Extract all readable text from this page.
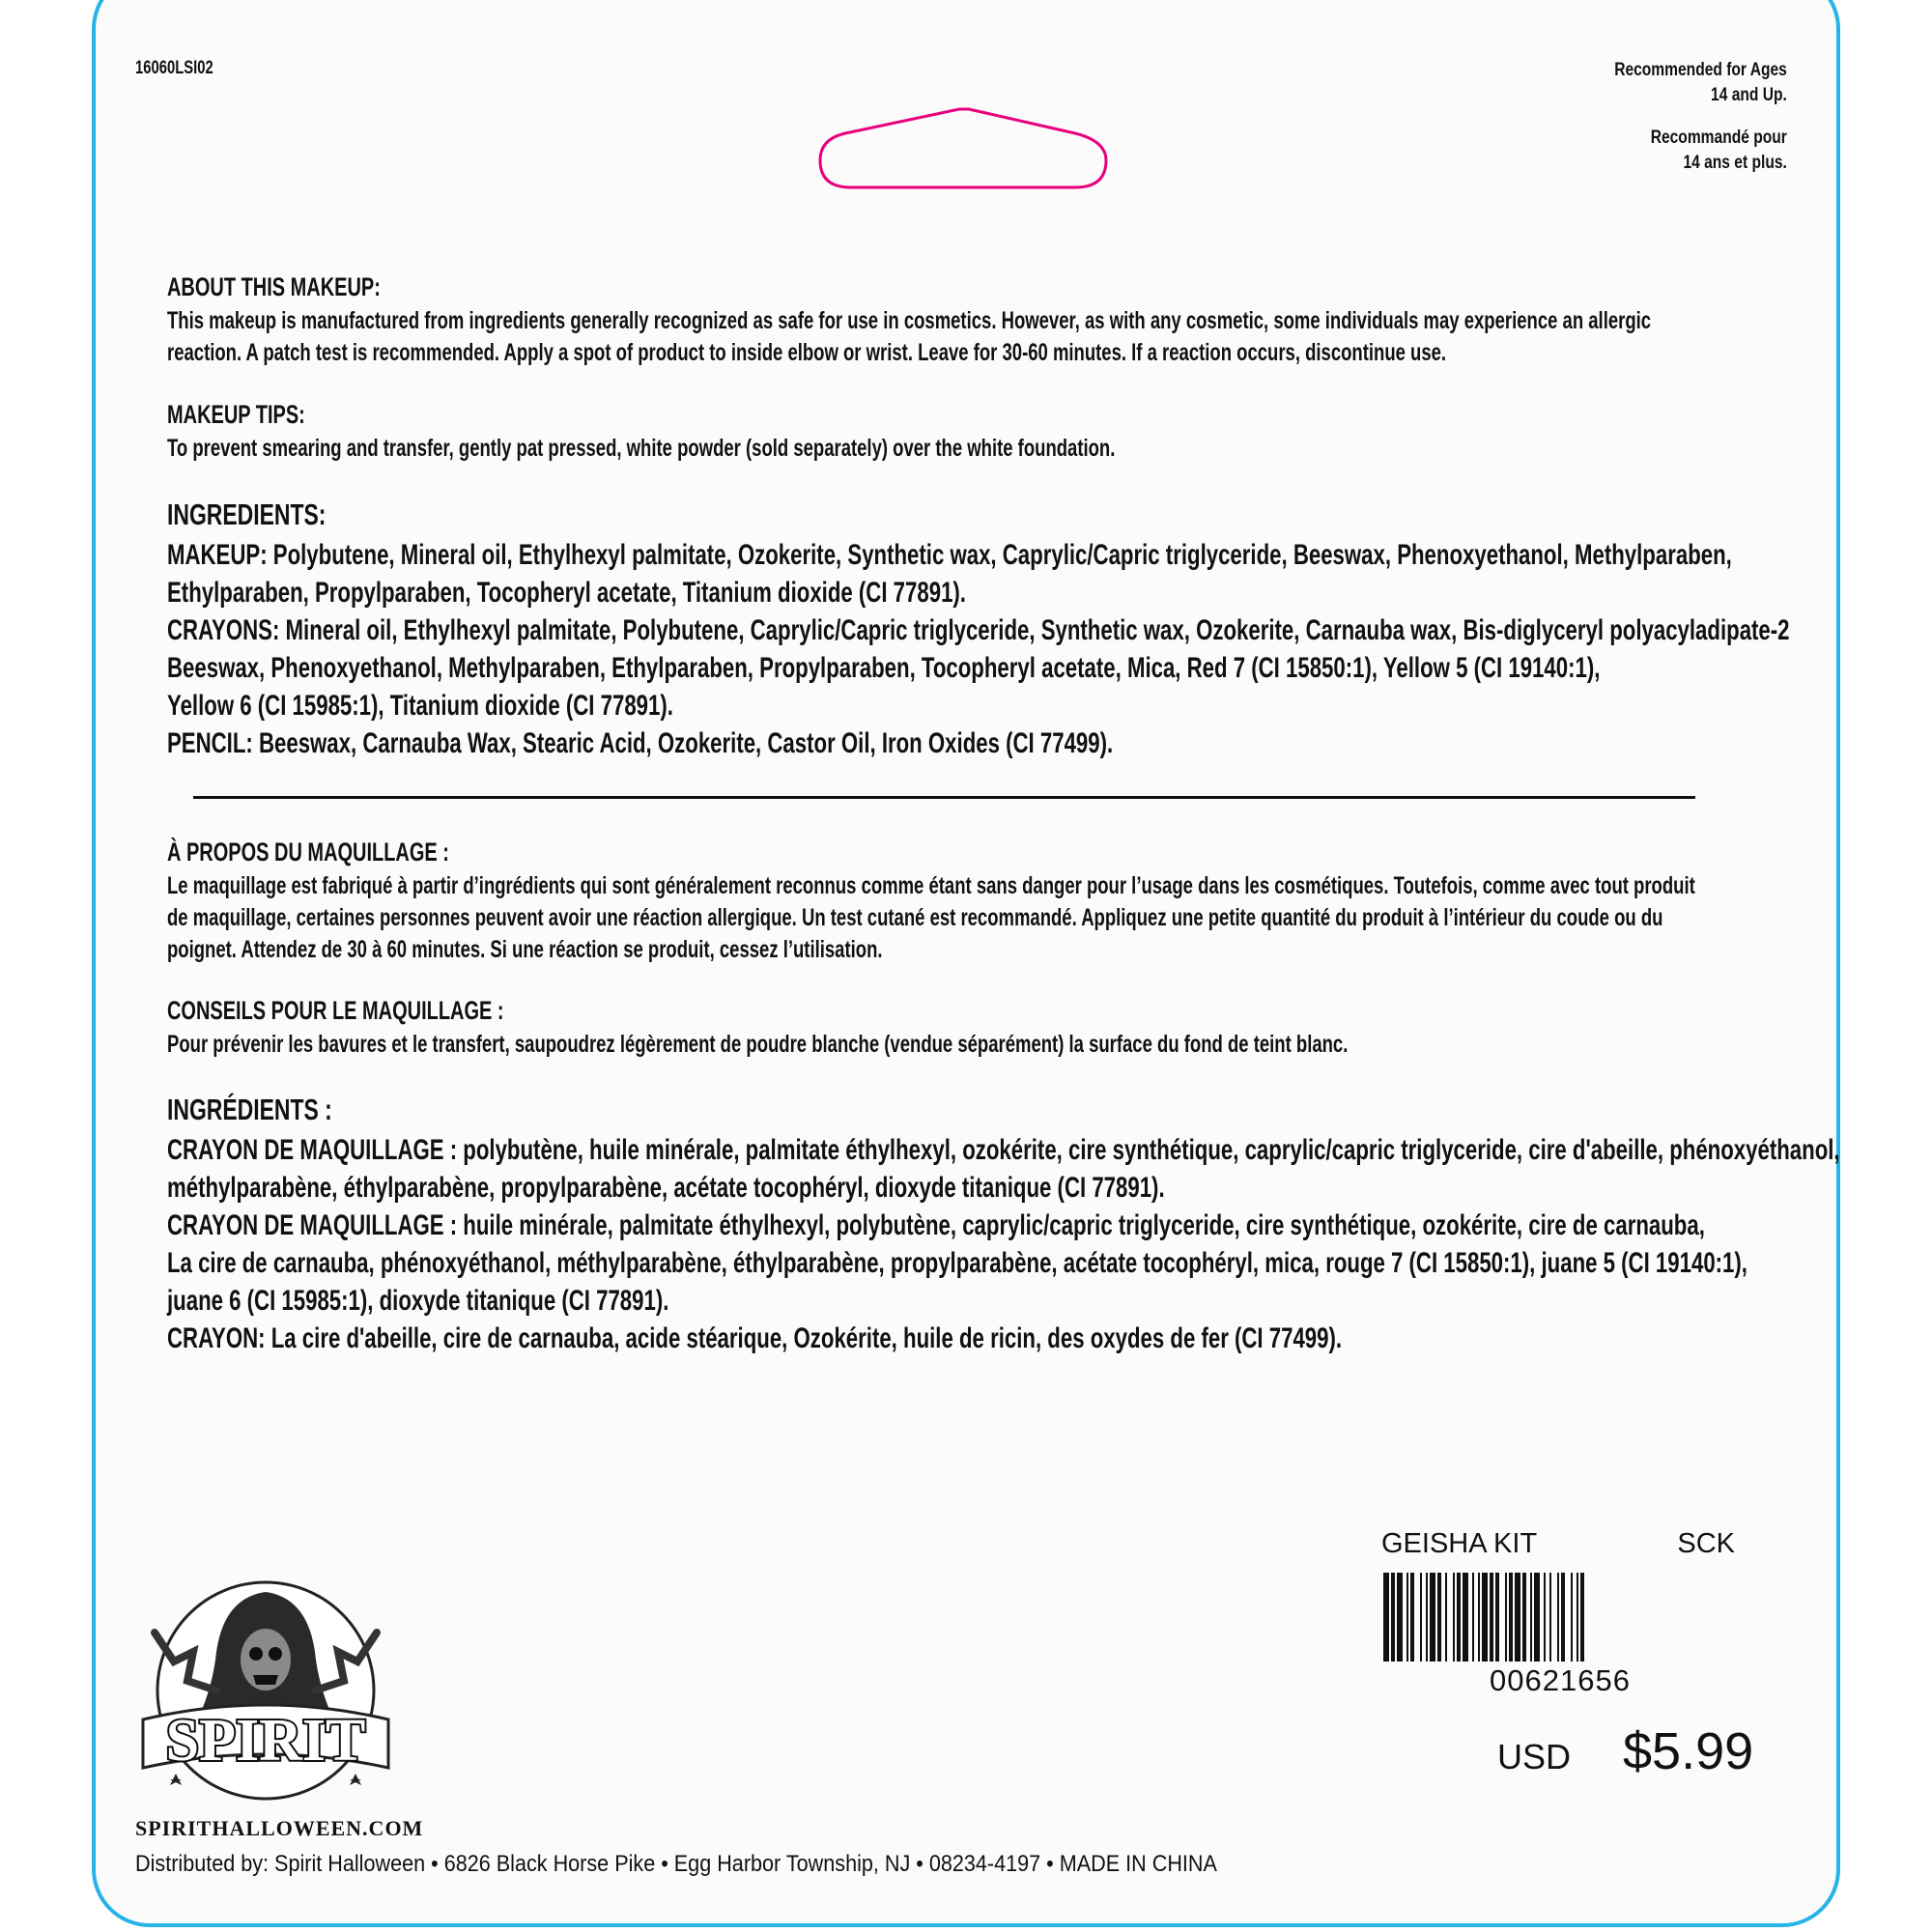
16060LSI02	Recommended for Ages
14 and Up.
Recommandé pour
14 ans et plus.
ABOUT THIS MAKEUP:
This makeup is manufactured from ingredients generally recognized as safe for use in cosmetics. However, as with any cosmetic, some individuals may experience an allergic
reaction. A patch test is recommended. Apply a spot of product to inside elbow or wrist. Leave for 30-60 minutes. If a reaction occurs, discontinue use.
MAKEUP TIPS:
To prevent smearing and transfer, gently pat pressed, white powder (sold separately) over the white foundation.
INGREDIENTS:
MAKEUP: Polybutene, Mineral oil, Ethylhexyl palmitate, Ozokerite, Synthetic wax, Caprylic/Capric triglyceride, Beeswax, Phenoxyethanol, Methylparaben,
Ethylparaben, Propylparaben, Tocopheryl acetate, Titanium dioxide (CI 77891).
CRAYONS: Mineral oil, Ethylhexyl palmitate, Polybutene, Caprylic/Capric triglyceride, Synthetic wax, Ozokerite, Carnauba wax, Bis-diglyceryl polyacyladipate-2
Beeswax, Phenoxyethanol, Methylparaben, Ethylparaben, Propylparaben, Tocopheryl acetate, Mica, Red 7 (CI 15850:1), Yellow 5 (CI 19140:1),
Yellow 6 (CI 15985:1), Titanium dioxide (CI 77891).
PENCIL: Beeswax, Carnauba Wax, Stearic Acid, Ozokerite, Castor Oil, Iron Oxides (CI 77499).
À PROPOS DU MAQUILLAGE :
Le maquillage est fabriqué à partir d’ingrédients qui sont généralement reconnus comme étant sans danger pour l’usage dans les cosmétiques. Toutefois, comme avec tout produit
de maquillage, certaines personnes peuvent avoir une réaction allergique. Un test cutané est recommandé. Appliquez une petite quantité du produit à l’intérieur du coude ou du
poignet. Attendez de 30 à 60 minutes. Si une réaction se produit, cessez l’utilisation.
CONSEILS POUR LE MAQUILLAGE :
Pour prévenir les bavures et le transfert, saupoudrez légèrement de poudre blanche (vendue séparément) la surface du fond de teint blanc.
INGRÉDIENTS :
CRAYON DE MAQUILLAGE : polybutène, huile minérale, palmitate éthylhexyl, ozokérite, cire synthétique, caprylic/capric triglyceride, cire d'abeille, phénoxyéthanol,
méthylparabène, éthylparabène, propylparabène, acétate tocophéryl, dioxyde titanique (CI 77891).
CRAYON DE MAQUILLAGE : huile minérale, palmitate éthylhexyl, polybutène, caprylic/capric triglyceride, cire synthétique, ozokérite, cire de carnauba,
La cire de carnauba, phénoxyéthanol, méthylparabène, éthylparabène, propylparabène, acétate tocophéryl, mica, rouge 7 (CI 15850:1), juane 5 (CI 19140:1),
juane 6 (CI 15985:1), dioxyde titanique (CI 77891).
CRAYON: La cire d'abeille, cire de carnauba, acide stéarique, Ozokérite, huile de ricin, des oxydes de fer (CI 77499).
GEISHA KIT	SCK
00621656
USD $5.99
SPIRIT
SPIRITHALLOWEEN.COM
Distributed by: Spirit Halloween • 6826 Black Horse Pike • Egg Harbor Township, NJ • 08234-4197 • MADE IN CHINA
